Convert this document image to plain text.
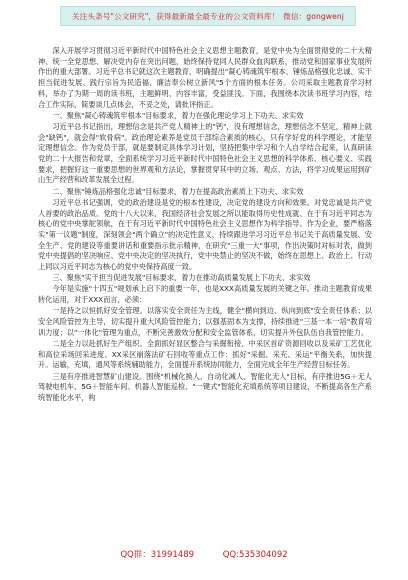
关注头条号"公文研究"，获得最新最全最专业的公文资料库！ 微信：gongwenj

深入开展学习贯彻习近平新时代中国特色社会主义思想主题教育，是党中央为全面贯彻党的二十大精神、统一全党思想、解决党内存在突出问题，始终保持党同人民群众血肉联系，推动党和国家事业发展所作出的重大部署。习近平总书记就这次主题教育，明确提出"凝心铸魂筑牢根本、锤炼品格强化忠诚、实干担当促进发展、践行宗旨为民造福、廉洁奉公树立新风"5个方面的根本任务。公司采取主题教育学习材料，举办了为期一周的读书班，主题鲜明、内容丰富，受益匪浅。下面，我围绕本次读书班学习内容，结合工作实际，简要谈几点体会，不妥之处，请批评指正。

一、聚焦"凝心铸魂筑牢根本"目标要求，着力在强化理论学习上下功夫、求实效

习近平总书记指出，理想信念是共产党人精神上的"钙"，没有理想信念，理想信念不坚定，精神上就会"缺钙"，就会得"软骨病"。政治理论素养是党员干部综合素质的核心，只有学好党的科学理论，才能坚定理想信念。作为党员干部，就是要制定具体学习计划，坚持把集中学习和个人自学结合起来，认真研读党的二十大报告和党章，全面系统学习习近平新时代中国特色社会主义思想的科学体系、核心要义、实践要求，把握好这一重要思想的世界观和方法论，掌握贯穿其中的立场、观点、方法，将学习成果运用到矿山生产经营和改革发展全过程。

二、聚焦"锤炼品格强化忠诚"目标要求，着力在提高政治素质上下功夫、求实效

习近平总书记强调，党的政治建设是党的根本性建设，决定党的建设方向和效果。对党忠诚是共产党人首要的政治品质。党的十八大以来，我国经济社会发展之所以能取得历史性成就、在于有习近平同志为核心的党中央掌舵领航，在于有习近平新时代中国特色社会主义思想作为科学指导。作为企业，要严格落实"第一议题"制度，深刻领会"两个确立"的决定性意义，持续跟进学习习近平总书记关于高质量发展、安全生产、党的建设等重要讲话和重要指示批示精神，在研究"三重一大"事项，作出决策时对标对表，做到党中央提倡的坚决响应、党中央决定的坚决执行，党中央禁止的坚决不做，始终在思想上、政治上、行动上同以习近平同志为核心的党中央保持高度一致。

三、聚焦"实干担当促进发展"目标要求，着力在推动高质量发展上下功夫、求实效

今年是实施"十四五"规划承上启下的重要一年，也是XXX高质量发展的关键之年。推动主题教育成果转化运用，对于XXX而言，必须：

一是持之以恒抓好安全管理。以落实安全责任为主线，健全"横向到边、纵向到底"安全责任体系；以安全风险管控为主导，切实提升重大风险管控能力；以强基固本为支撑，持续推进"三基一本一培"教育培训力度；以"一体化"管理为重点，不断完善激效分配和安全监管体系，切实提升外包队伍自我管控能力。

二是全力以赴抓好生产组织。全面抓好显区整合与采掘衔接、中采区首矿资源回收以及采矿工艺优化和高位采场回采进度、XX采区崩落法矿石回收等重点工作：抓好"采掘、采充、采运"平衡关系，加快提升。运输，充填，通风等系统辅助能力，全面提升系统协同能力，全面完成全年生产经营目标任务。

三是有序推进智慧矿山建设。围绕"机械化换人、自动化减人、智能化无人"目标，有序推进5G＋无人驾驶电机车、5G＋智能车间、机器人智能巡检、"一键式"智能化充填系统等项目建设，不断提高各生产系统智能化水平，构

QQ群：31991489	QQ:535304092
